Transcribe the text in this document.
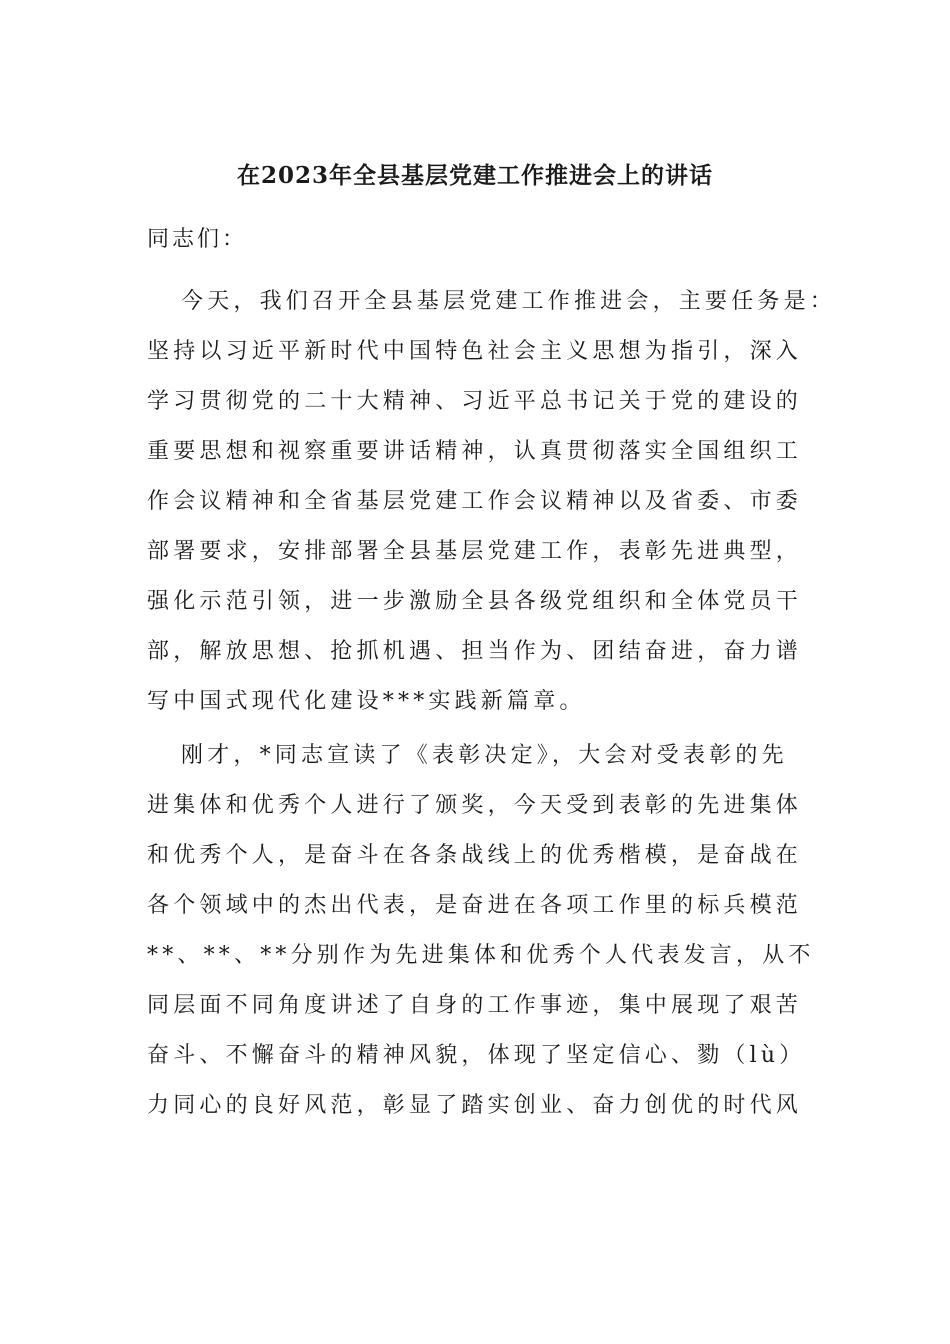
在2023年全县基层党建工作推进会上的讲话

同志们：

今天，我们召开全县基层党建工作推进会，主要任务是：
坚持以习近平新时代中国特色社会主义思想为指引，深入
学习贯彻党的二十大精神、习近平总书记关于党的建设的
重要思想和视察重要讲话精神，认真贯彻落实全国组织工
作会议精神和全省基层党建工作会议精神以及省委、市委
部署要求，安排部署全县基层党建工作，表彰先进典型，
强化示范引领，进一步激励全县各级党组织和全体党员干
部，解放思想、抢抓机遇、担当作为、团结奋进，奋力谱
写中国式现代化建设***实践新篇章。
刚才，*同志宣读了《表彰决定》，大会对受表彰的先
进集体和优秀个人进行了颁奖，今天受到表彰的先进集体
和优秀个人，是奋斗在各条战线上的优秀楷模，是奋战在
各个领域中的杰出代表，是奋进在各项工作里的标兵模范
**、**、**分别作为先进集体和优秀个人代表发言，从不
同层面不同角度讲述了自身的工作事迹，集中展现了艰苦
奋斗、不懈奋斗的精神风貌，体现了坚定信心、勠（lù）
力同心的良好风范，彰显了踏实创业、奋力创优的时代风
